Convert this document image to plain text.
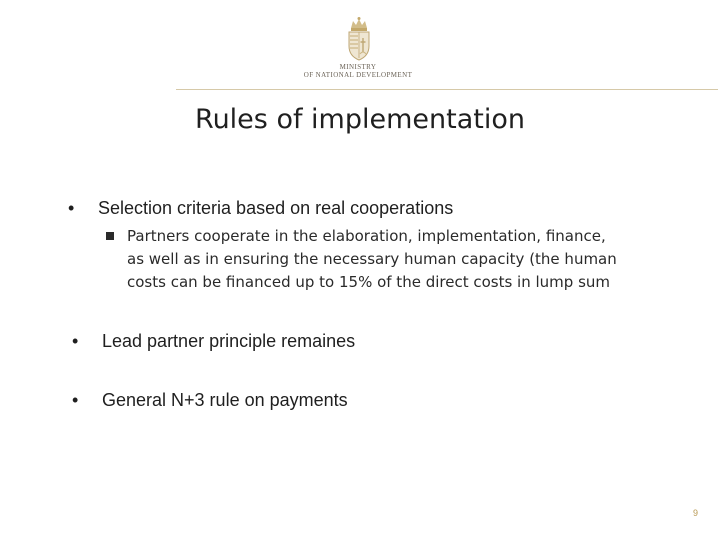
MINISTRY
OF NATIONAL DEVELOPMENT
Rules of implementation
• Selection criteria based on real cooperations
Partners cooperate in the elaboration, implementation, finance,
as well as in ensuring the necessary human capacity (the human
costs can be financed up to 15% of the direct costs in lump sum
• Lead partner principle remaines
• General N+3 rule on payments
9
